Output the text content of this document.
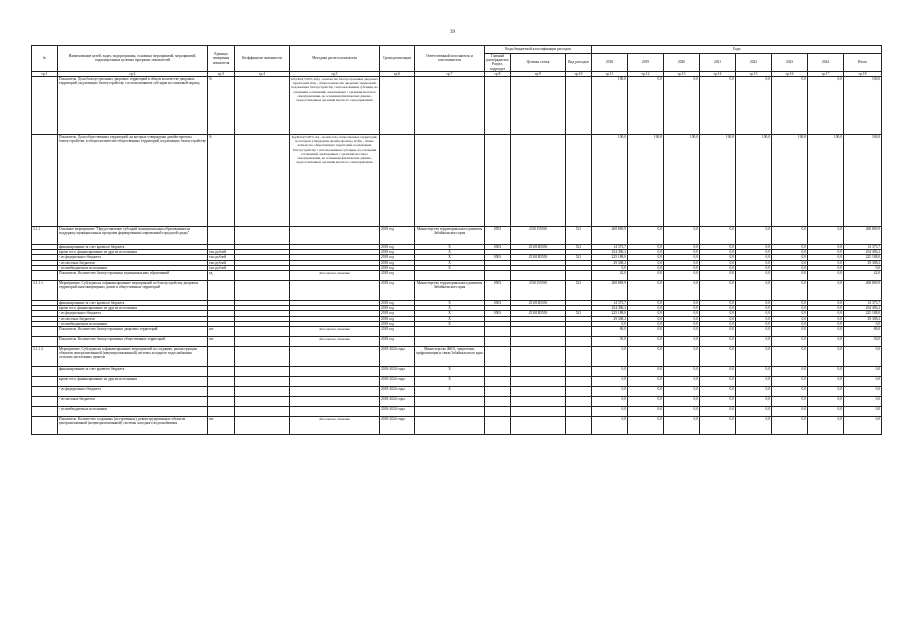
39
№	Наименование целей, задач, подпрограммы, основных мероприятий, мероприятий, подконтрольных целевых программ, показателей	Единица измерения показателя	Коэффициент значимости	Методика расчета показателя	Сроки реализации	Ответственный исполнитель и соисполнители	Коды бюджетной классификации расходов			Годы							
							Главный распорядитель
Раздел, подраздел	Целевая статья	Вид расходов	2018	2019	2020	2021	2022	2023	2024	Итого
гр.1	гр.2	гр.3	гр.4	гр.5	гр.6	гр.7	гр.8	гр.9	гр.10	гр.11	гр.12	гр.13	гр.14	гр.15	гр.16	гр.17	гр.18
	Показатель. Доля благоустроенных дворовых территорий в общем количестве дворовых территорий, подлежащих благоустройству с использованием субсидии на плановый период	%		Кбд/Кпд*100%, Кбд - количество благоустроенных дворовых территорий, Кпд - общее количество дворовых территорий, подлежащих благоустройству с использованием субсидии, на основании соглашений, заключенных с органами местного самоуправления, на основании фактических данных, предоставленных органами местного самоуправления						100,0	0,0	0,0	0,0	0,0	0,0	0,0	100,0
	Показатель. Доля общественных территорий, на которых утверждены дизайн-проекты благоустройства, в общем количестве общественных территорий, подлежащих благоустройству	%		Кд/Кобщ*100%, Кд - количество общественных территорий, на которых утверждены дизайн-проекты, Кобщ - общее количество общественных территорий, подлежащих благоустройству с использованием субсидии, на основании соглашений, заключенных с органами местного самоуправления, на основании фактических данных, предоставленных органами местного самоуправления						100,0	100,0	100,0	100,0	100,0	100,0	100,0	100,0
3.1.1	Основное мероприятие "Предоставление субсидий муниципальным образованиям на поддержку муниципальных программ формирования современной городской среды"				2018 год	Министерство территориального развития Забайкальского края	0503	2510155550	521	268 869,9	0,0	0,0	0,0	0,0	0,0	0,0	268 869,9
	финансирование за счет краевого бюджета				2018 год	Х	0503	25101R5550	521	14 373,7	0,0	0,0	0,0	0,0	0,0	0,0	14 373,7
	кроме того, финансирование из других источников	тыс.рублей			2018 год	Х				254 496,2	0,0	0,0	0,0	0,0	0,0	0,0	254 496,2
	- из федерального бюджета	тыс.рублей			2018 год	Х	0503	25101R5550	521	225 188,0	0,0	0,0	0,0	0,0	0,0	0,0	225 188,0
	- из местных бюджетов	тыс.рублей			2018 год	Х				29 308,2	0,0	0,0	0,0	0,0	0,0	0,0	29 308,2
	- из внебюджетных источников	тыс.рублей			2018 год	Х				0,0	0,0	0,0	0,0	0,0	0,0	0,0	0,0
	Показатель. Количество благоустроенных муниципальных образований	ед.		Абсолютное значение	2018 год					42,0	0,0	0,0	0,0	0,0	0,0	0,0	42,0
3.1.1.1	Мероприятие. Субсидии на софинансирование мероприятий по благоустройству дворовых территорий многоквартирных домов и общественных территорий				2018 год	Министерство территориального развития Забайкальского края	0503	2510155550	521	268 869,9	0,0	0,0	0,0	0,0	0,0	0,0	268 869,9
	финансирование за счет краевого бюджета				2018 год	Х	0503	25101R5550		14 373,7	0,0	0,0	0,0	0,0	0,0	0,0	14 373,7
	кроме того, финансирование из других источников				2018 год	Х				254 496,2	0,0	0,0	0,0	0,0	0,0	0,0	254 496,2
	- из федерального бюджета				2018 год	Х	0503	25101R5550	521	225 188,0	0,0	0,0	0,0	0,0	0,0	0,0	225 188,0
	- из местных бюджетов				2018 год	Х				29 308,2	0,0	0,0	0,0	0,0	0,0	0,0	29 308,2
	- из внебюджетных источников				2018 год	Х				0,0	0,0	0,0	0,0	0,0	0,0	0,0	0,0
	Показатель. Количество благоустроенных дворовых территорий	шт		Абсолютное значение	2018 год					86,0	0,0	0,0	0,0	0,0	0,0	0,0	86,0
	Показатель. Количество благоустроенных общественных территорий	шт		Абсолютное значение	2018 год					50,0	0,0	0,0	0,0	0,0	0,0	0,0	50,0
3.1.1.2	Мероприятие. Субсидии на софинансирование мероприятий по созданию, реконструкции объектов централизованной (нецентрализованной) системы холодного водоснабжения сельских населенных пунктов				2018-2024 годы	Министерство ЖКХ, энергетики, цифровизации и связи Забайкальского края				0,0	0,0	0,0	0,0	0,0	0,0	0,0	0,0
	финансирование за счет краевого бюджета				2018-2024 годы	Х				0,0	0,0	0,0	0,0	0,0	0,0	0,0	0,0
	кроме того, финансирование из других источников				2018-2024 годы	Х				0,0	0,0	0,0	0,0	0,0	0,0	0,0	0,0
	- из федерального бюджета				2018-2024 годы	Х				0,0	0,0	0,0	0,0	0,0	0,0	0,0	0,0
	- из местных бюджетов				2018-2024 годы					0,0	0,0	0,0	0,0	0,0	0,0	0,0	0,0
	- из внебюджетных источников				2018-2024 годы					0,0	0,0	0,0	0,0	0,0	0,0	0,0	0,0
	Показатель. Количество созданных (построенных), реконструированных объектов централизованной (нецентрализованной) системы холодного водоснабжения	шт		Абсолютное значение	2018-2024 годы					0,0	0,0	0,0	0,0	0,0	0,0	0,0	0,0
